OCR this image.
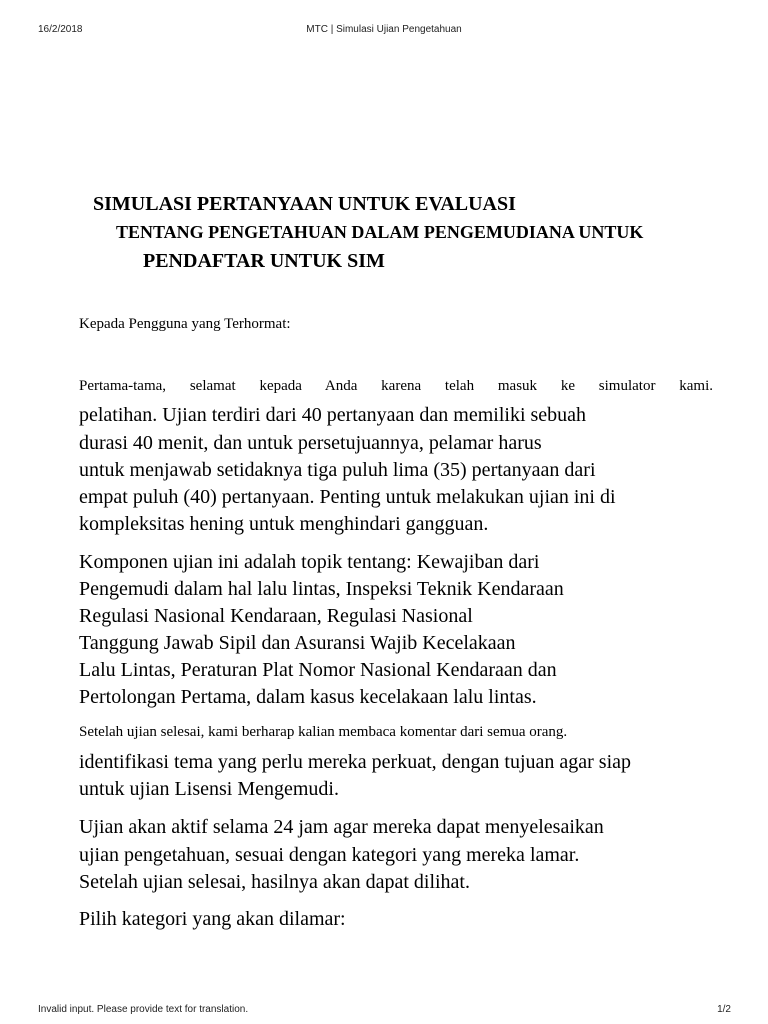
16/2/2018	MTC | Simulasi Ujian Pengetahuan
SIMULASI PERTANYAAN UNTUK EVALUASI
TENTANG PENGETAHUAN DALAM PENGEMUDIANA UNTUK
PENDAFTAR UNTUK SIM
Kepada Pengguna yang Terhormat:
Pertama-tama, selamat kepada Anda karena telah masuk ke simulator kami.
pelatihan. Ujian terdiri dari 40 pertanyaan dan memiliki sebuah
durasi 40 menit, dan untuk persetujuannya, pelamar harus
untuk menjawab setidaknya tiga puluh lima (35) pertanyaan dari
empat puluh (40) pertanyaan. Penting untuk melakukan ujian ini di
kompleksitas hening untuk menghindari gangguan.
Komponen ujian ini adalah topik tentang: Kewajiban dari
Pengemudi dalam hal lalu lintas, Inspeksi Teknik Kendaraan
Regulasi Nasional Kendaraan, Regulasi Nasional
Tanggung Jawab Sipil dan Asuransi Wajib Kecelakaan
Lalu Lintas, Peraturan Plat Nomor Nasional Kendaraan dan
Pertolongan Pertama, dalam kasus kecelakaan lalu lintas.
Setelah ujian selesai, kami berharap kalian membaca komentar dari semua orang.
identifikasi tema yang perlu mereka perkuat, dengan tujuan agar siap
untuk ujian Lisensi Mengemudi.
Ujian akan aktif selama 24 jam agar mereka dapat menyelesaikan
ujian pengetahuan, sesuai dengan kategori yang mereka lamar.
Setelah ujian selesai, hasilnya akan dapat dilihat.
Pilih kategori yang akan dilamar:
Invalid input. Please provide text for translation.	1/2
